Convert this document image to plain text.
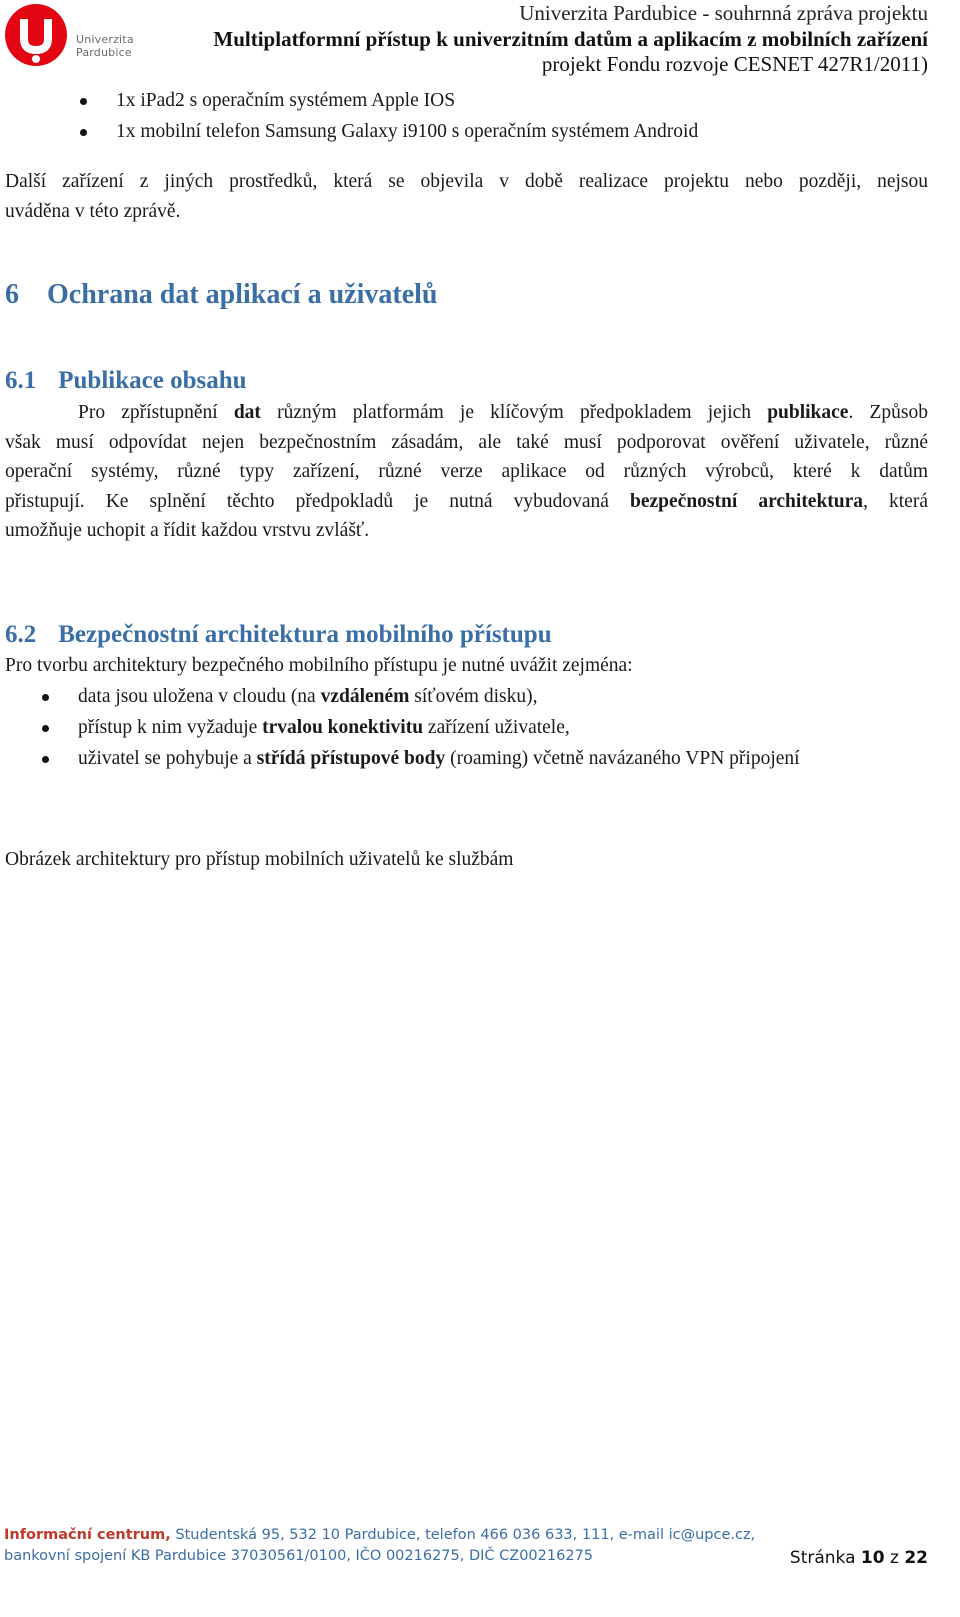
Univerzita
Pardubice
Univerzita Pardubice - souhrnná zpráva projektu
Multiplatformní přístup k univerzitním datům a aplikacím z mobilních zařízení
projekt Fondu rozvoje CESNET 427R1/2011)
1x iPad2 s operačním systémem Apple IOS
1x mobilní telefon Samsung Galaxy i9100 s operačním systémem Android
Další zařízení z jiných prostředků, která se objevila v době realizace projektu nebo později, nejsou
uváděna v této zprávě.
6 Ochrana dat aplikací a uživatelů
6.1 Publikace obsahu
Pro zpřístupnění dat různým platformám je klíčovým předpokladem jejich publikace. Způsob
však musí odpovídat nejen bezpečnostním zásadám, ale také musí podporovat ověření uživatele, různé
operační systémy, různé typy zařízení, různé verze aplikace od různých výrobců, které k datům
přistupují. Ke splnění těchto předpokladů je nutná vybudovaná bezpečnostní architektura, která
umožňuje uchopit a řídit každou vrstvu zvlášť.
6.2 Bezpečnostní architektura mobilního přístupu
Pro tvorbu architektury bezpečného mobilního přístupu je nutné uvážit zejména:
data jsou uložena v cloudu (na vzdáleném síťovém disku),
přístup k nim vyžaduje trvalou konektivitu zařízení uživatele,
uživatel se pohybuje a střídá přístupové body (roaming) včetně navázaného VPN připojení
Obrázek architektury pro přístup mobilních uživatelů ke službám
Informační centrum, Studentská 95, 532 10 Pardubice, telefon 466 036 633, 111, e-mail ic@upce.cz,
bankovní spojení KB Pardubice 37030561/0100, IČO 00216275, DIČ CZ00216275	Stránka 10 z 22
